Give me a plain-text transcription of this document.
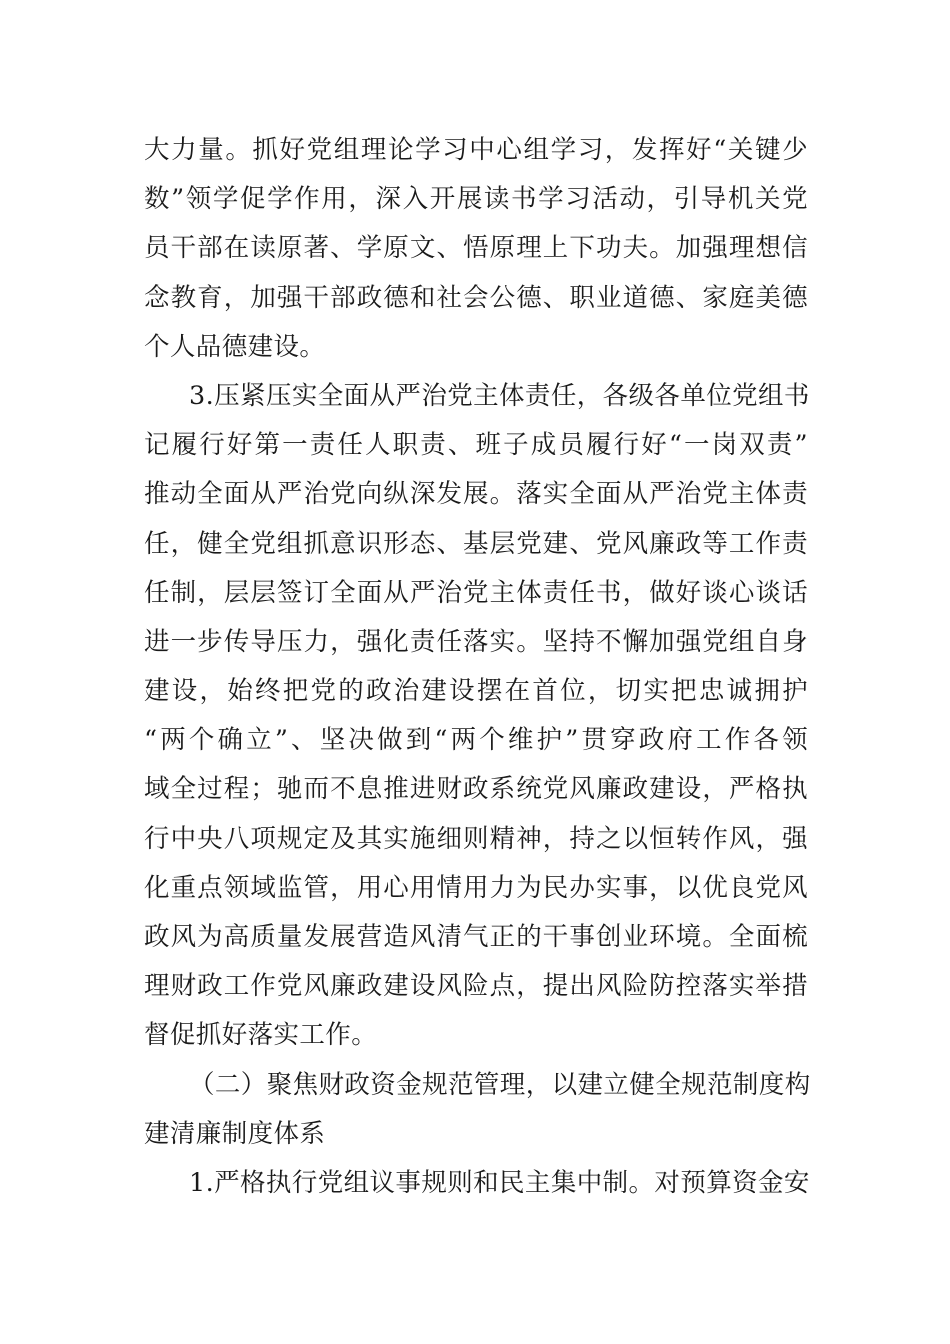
大力量。抓好党组理论学习中心组学习，发挥好“关键少
数”领学促学作用，深入开展读书学习活动，引导机关党
员干部在读原著、学原文、悟原理上下功夫。加强理想信
念教育，加强干部政德和社会公德、职业道德、家庭美德
个人品德建设。
3.压紧压实全面从严治党主体责任，各级各单位党组书
记履行好第一责任人职责、班子成员履行好“一岗双责”
推动全面从严治党向纵深发展。落实全面从严治党主体责
任，健全党组抓意识形态、基层党建、党风廉政等工作责
任制，层层签订全面从严治党主体责任书，做好谈心谈话
进一步传导压力，强化责任落实。坚持不懈加强党组自身
建设，始终把党的政治建设摆在首位，切实把忠诚拥护
“两个确立”、坚决做到“两个维护”贯穿政府工作各领
域全过程；驰而不息推进财政系统党风廉政建设，严格执
行中央八项规定及其实施细则精神，持之以恒转作风，强
化重点领域监管，用心用情用力为民办实事，以优良党风
政风为高质量发展营造风清气正的干事创业环境。全面梳
理财政工作党风廉政建设风险点，提出风险防控落实举措
督促抓好落实工作。
（二）聚焦财政资金规范管理，以建立健全规范制度构
建清廉制度体系
1.严格执行党组议事规则和民主集中制。对预算资金安
